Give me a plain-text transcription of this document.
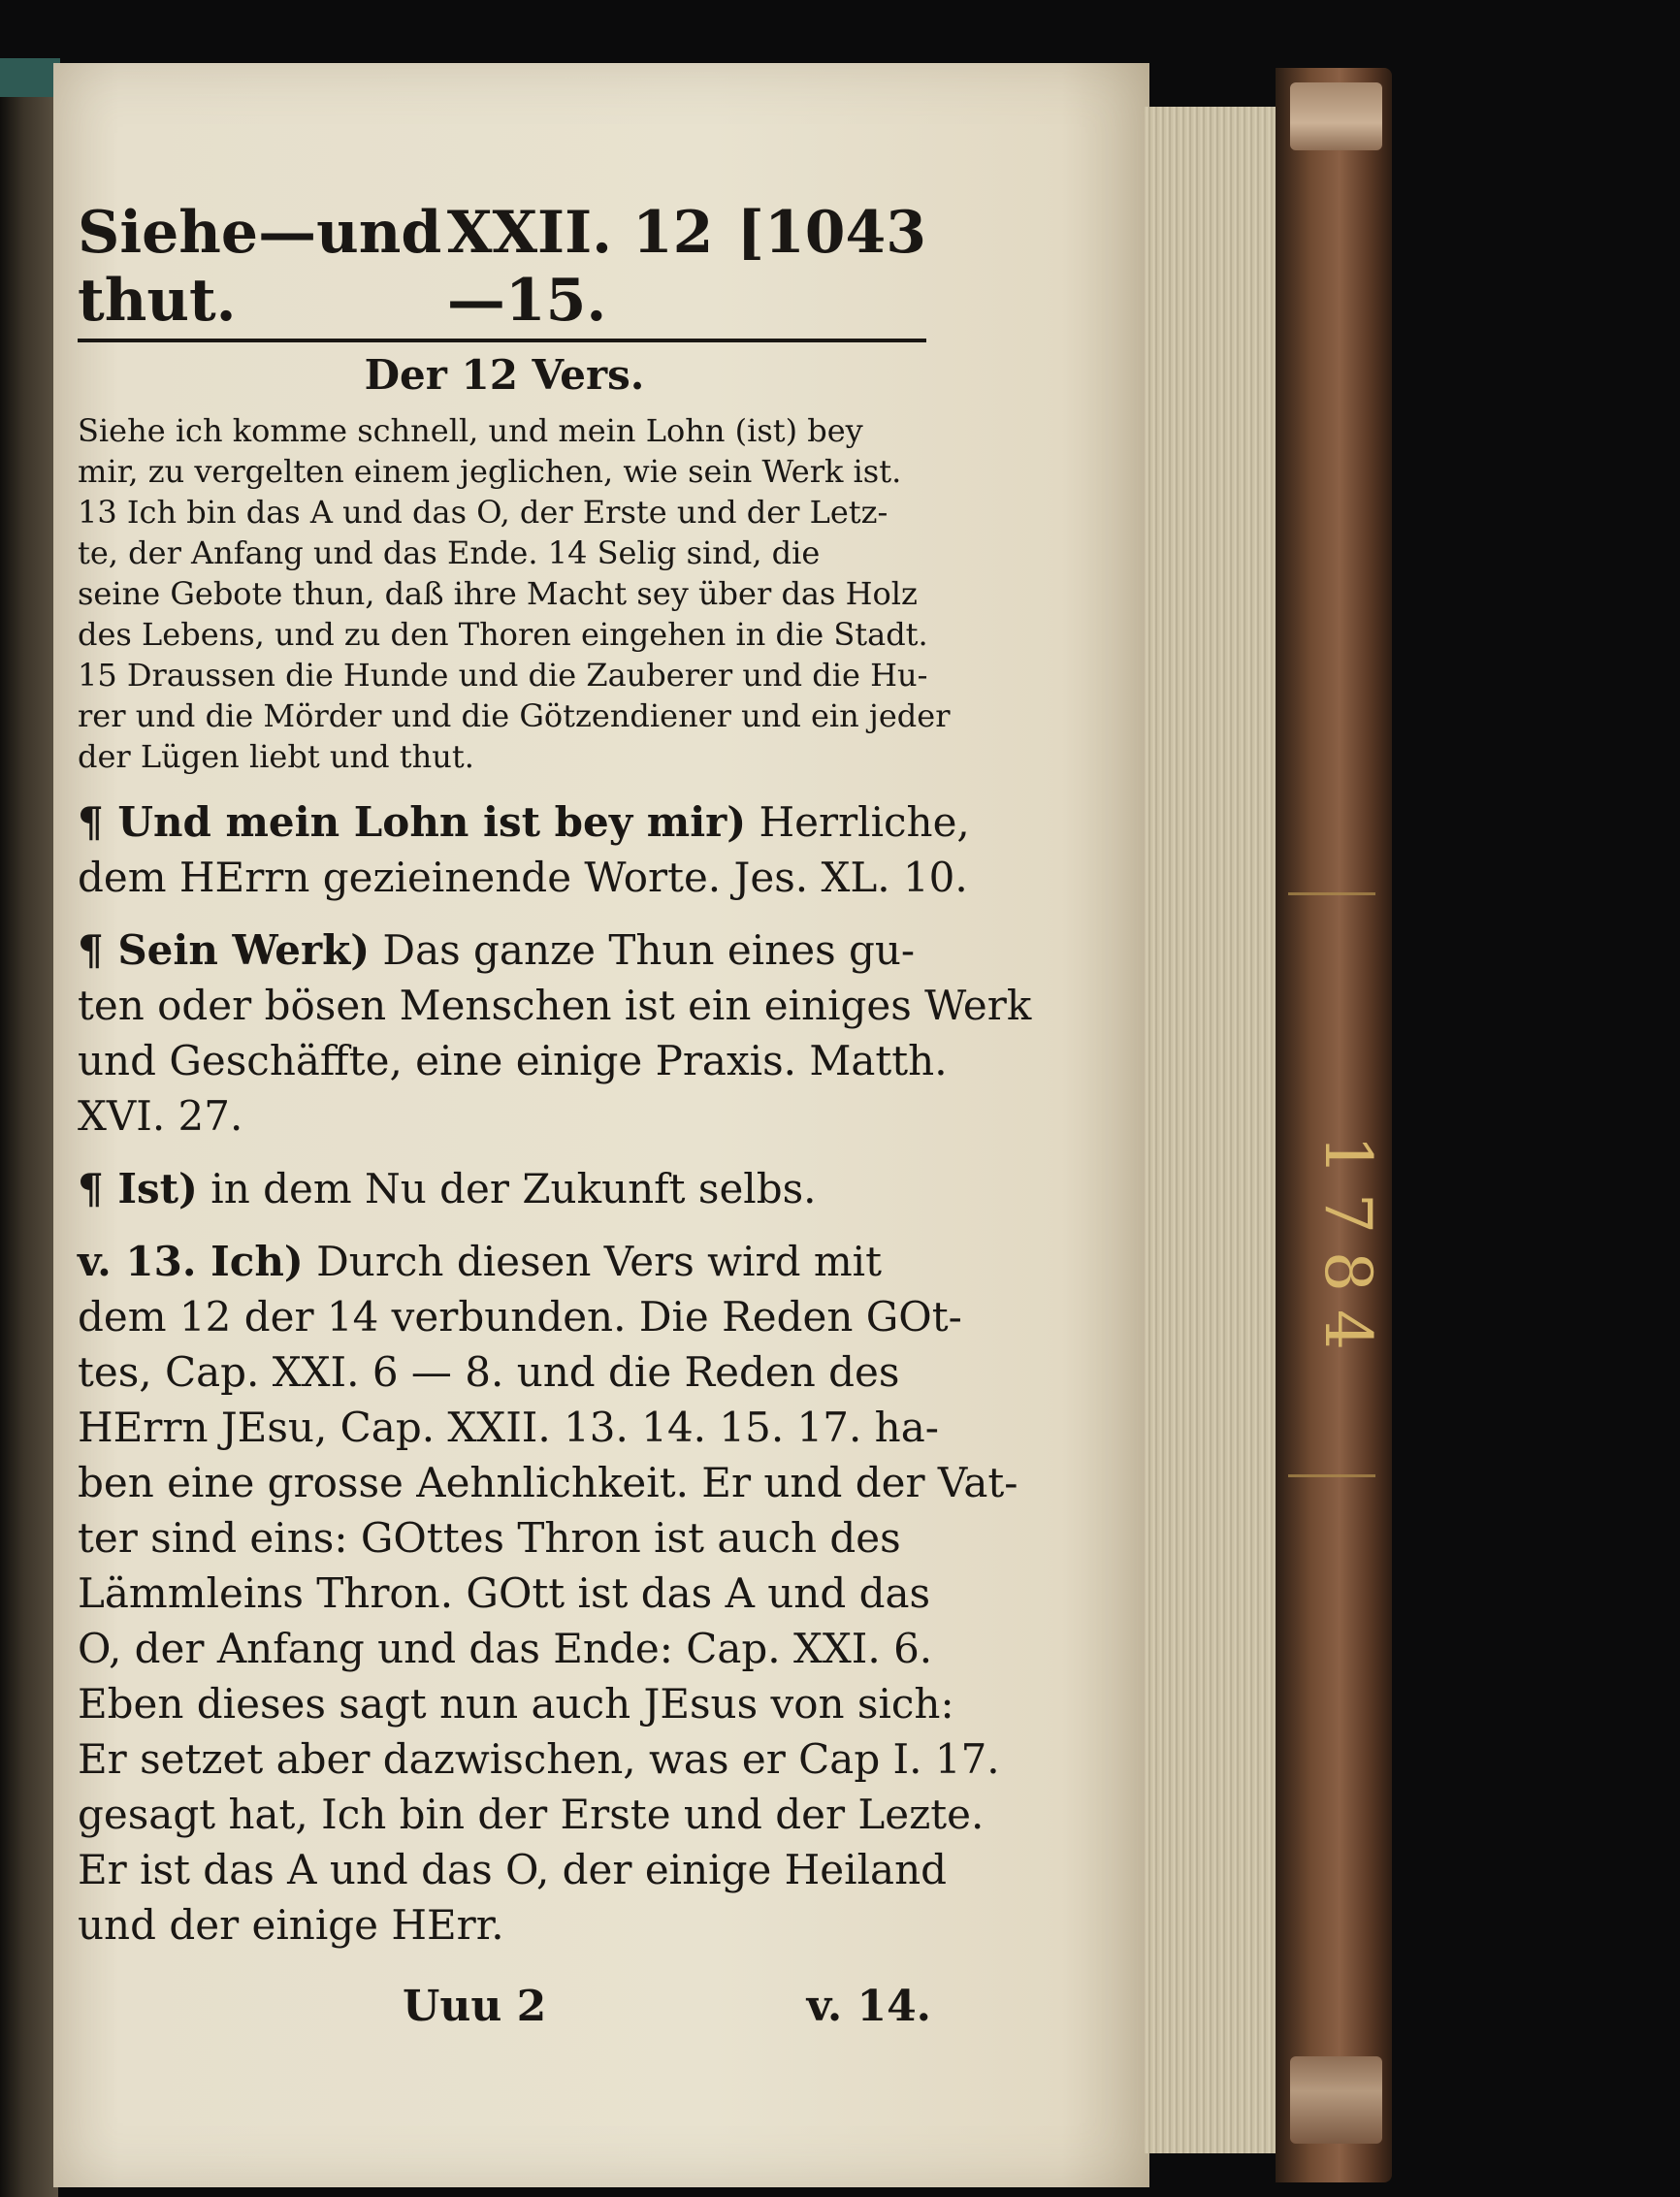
1784
Siehe—und thut.
XXII. 12—15.
[1043
Der 12 Vers.
Siehe ich komme schnell, und mein Lohn (ist) bey
mir, zu vergelten einem jeglichen, wie sein Werk ist.
13 Ich bin das A und das O, der Erste und der Letz-
te, der Anfang und das Ende. 14 Selig sind, die
seine Gebote thun, daß ihre Macht sey über das Holz
des Lebens, und zu den Thoren eingehen in die Stadt.
15 Draussen die Hunde und die Zauberer und die Hu-
rer und die Mörder und die Götzendiener und ein jeder
der Lügen liebt und thut.
¶ Und mein Lohn ist bey mir) Herrliche,
dem HErrn gezieinende Worte. Jes. XL. 10.
¶ Sein Werk) Das ganze Thun eines gu-
ten oder bösen Menschen ist ein einiges Werk
und Geschäffte, eine einige Praxis. Matth.
XVI. 27.
¶ Ist) in dem Nu der Zukunft selbs.
v. 13. Ich) Durch diesen Vers wird mit
dem 12 der 14 verbunden. Die Reden GOt-
tes, Cap. XXI. 6 — 8. und die Reden des
HErrn JEsu, Cap. XXII. 13. 14. 15. 17. ha-
ben eine grosse Aehnlichkeit. Er und der Vat-
ter sind eins: GOttes Thron ist auch des
Lämmleins Thron. GOtt ist das A und das
O, der Anfang und das Ende: Cap. XXI. 6.
Eben dieses sagt nun auch JEsus von sich:
Er setzet aber dazwischen, was er Cap I. 17.
gesagt hat, Ich bin der Erste und der Lezte.
Er ist das A und das O, der einige Heiland
und der einige HErr.
Uuu 2	v. 14.
